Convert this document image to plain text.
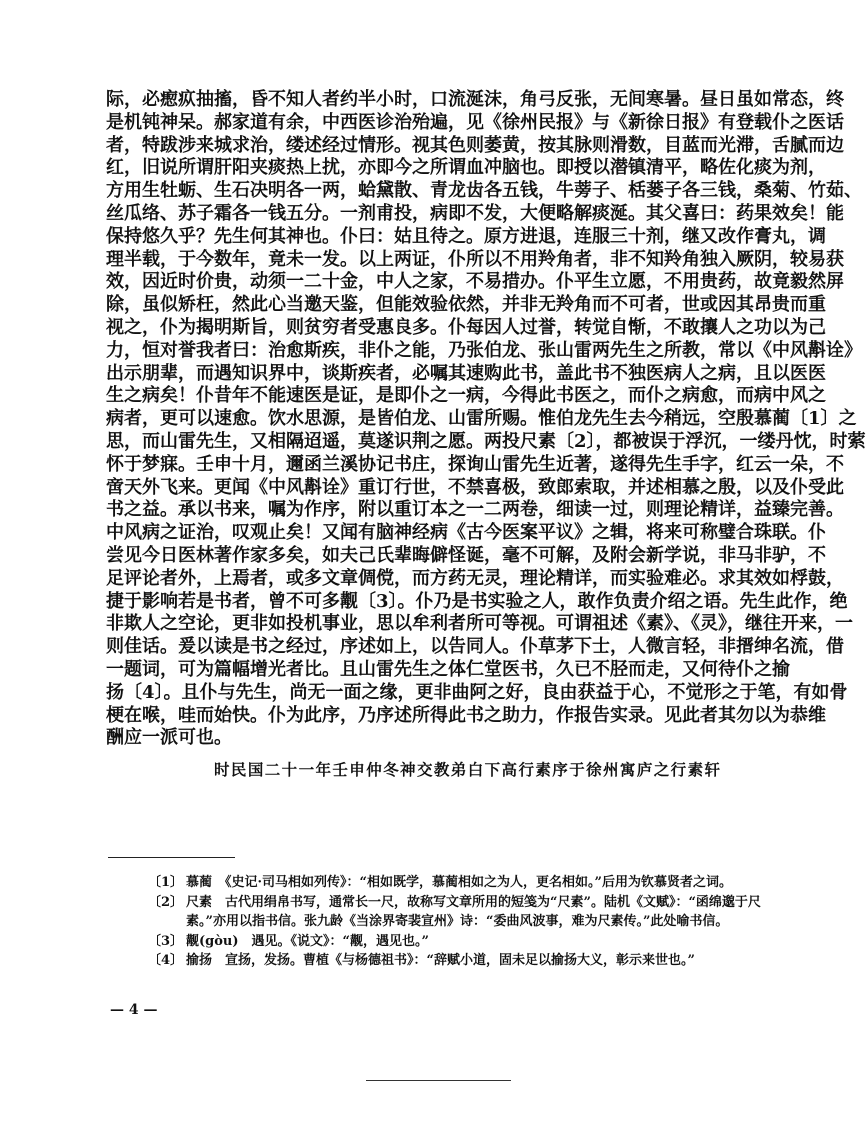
际，必瘛疭抽搐，昏不知人者约半小时，口流涎沫，角弓反张，无间寒暑。昼日虽如常态，终
是机钝神呆。郝家道有余，中西医诊治殆遍，见《徐州民报》与《新徐日报》有登载仆之医话
者，特跋涉来城求治，缕述经过情形。视其色则萎黄，按其脉则滑数，目蓝而光滞，舌腻而边
红，旧说所谓肝阳夹痰热上扰，亦即今之所谓血冲脑也。即授以潜镇清平，略佐化痰为剂，
方用生牡蛎、生石决明各一两，蛤黛散、青龙齿各五钱，牛蒡子、栝蒌子各三钱，桑菊、竹茹、
丝瓜络、苏子霜各一钱五分。一剂甫投，病即不发，大便略解痰涎。其父喜曰：药果效矣！能
保持悠久乎？先生何其神也。仆曰：姑且待之。原方进退，连服三十剂，继又改作膏丸，调
理半载，于今数年，竟未一发。以上两证，仆所以不用羚角者，非不知羚角独入厥阴，较易获
效，因近时价贵，动须一二十金，中人之家，不易措办。仆平生立愿，不用贵药，故竟毅然屏
除，虽似矫枉，然此心当邀天鉴，但能效验依然，并非无羚角而不可者，世或因其昂贵而重
视之，仆为揭明斯旨，则贫穷者受惠良多。仆每因人过誉，转觉自惭，不敢攘人之功以为己
力，恒对誉我者曰：治愈斯疾，非仆之能，乃张伯龙、张山雷两先生之所教，常以《中风斠诠》
出示朋辈，而遇知识界中，谈斯疾者，必嘱其速购此书，盖此书不独医病人之病，且以医医
生之病矣！仆昔年不能速医是证，是即仆之一病，今得此书医之，而仆之病愈，而病中风之
病者，更可以速愈。饮水思源，是皆伯龙、山雷所赐。惟伯龙先生去今稍远，空殷慕蔺〔1〕之
思，而山雷先生，又相隔迢遥，莫遂识荆之愿。两投尺素〔2〕，都被误于浮沉，一缕丹忱，时萦
怀于梦寐。壬申十月，邇函兰溪协记书庄，探询山雷先生近著，遂得先生手字，红云一朵，不
啻天外飞来。更闻《中风斠诠》重订行世，不禁喜极，致郎索取，并述相慕之殷，以及仆受此
书之益。承以书来，嘱为作序，附以重订本之一二两卷，细读一过，则理论精详，益臻完善。
中风病之证治，叹观止矣！又闻有脑神经病《古今医案平议》之辑，将来可称璧合珠联。仆
尝见今日医林著作家多矣，如夫己氏辈晦僻怪诞，毫不可解，及附会新学说，非马非驴，不
足评论者外，上焉者，或多文章倜傥，而方药无灵，理论精详，而实验难必。求其效如桴鼓，
捷于影响若是书者，曾不可多觏〔3〕。仆乃是书实验之人，敢作负责介绍之语。先生此作，绝
非欺人之空论，更非如投机事业，思以牟利者所可等视。可谓祖述《素》、《灵》，继往开来，一
则佳话。爰以读是书之经过，序述如上，以告同人。仆草茅下士，人微言轻，非搢绅名流，借
一题词，可为篇幅增光者比。且山雷先生之体仁堂医书，久已不胫而走，又何待仆之揄
扬〔4〕。且仆与先生，尚无一面之缘，更非曲阿之好，良由获益于心，不觉形之于笔，有如骨
梗在喉，哇而始快。仆为此序，乃序述所得此书之助力，作报告实录。见此者其勿以为恭维
酬应一派可也。
时民国二十一年壬申仲冬神交教弟白下高行素序于徐州寓庐之行素轩
〔1〕 慕蔺　《史记·司马相如列传》：“相如既学，慕蔺相如之为人，更名相如。”后用为钦慕贤者之词。
〔2〕 尺素　古代用绢帛书写，通常长一尺，故称写文章所用的短笺为“尺素”。陆机《文赋》：“函绵邈于尺素。”亦用以指书信。张九龄《当涂界寄裴宣州》诗：“委曲风波事，难为尺素传。”此处喻书信。
〔3〕 觏(gòu)　遇见。《说文》：“觏，遇见也。”
〔4〕 揄扬　宣扬，发扬。曹植《与杨德祖书》：“辞赋小道，固未足以揄扬大义，彰示来世也。”
— 4 —
